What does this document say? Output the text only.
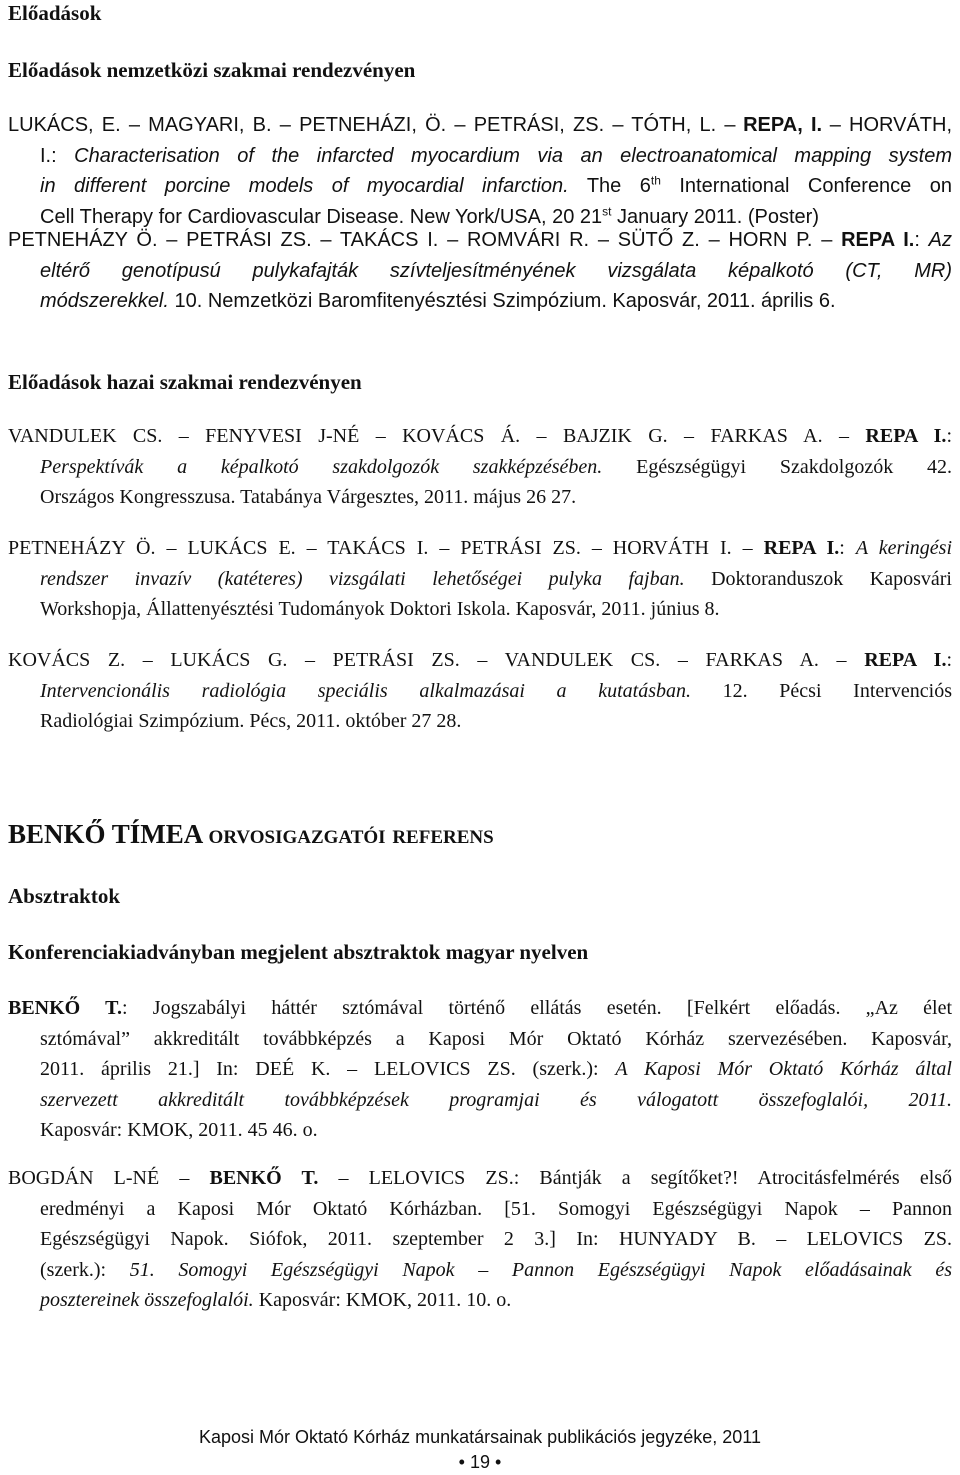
Előadások
Előadások nemzetközi szakmai rendezvényen
LUKÁCS, E. – MAGYARI, B. – PETNEHÁZI, Ö. – PETRÁSI, ZS. – TÓTH, L. – REPA, I. – HORVÁTH,
I.: Characterisation of the infarcted myocardium via an electroanatomical mapping system
in different porcine models of myocardial infarction. The 6th International Conference on
Cell Therapy for Cardiovascular Disease. New York/USA, 20 21st January 2011. (Poster)
PETNEHÁZY Ö. – PETRÁSI ZS. – TAKÁCS I. – ROMVÁRI R. – SÜTŐ Z. – HORN P. – REPA I.: Az
eltérő genotípusú pulykafajták szívteljesítményének vizsgálata képalkotó (CT, MR)
módszerekkel. 10. Nemzetközi Baromfitenyésztési Szimpózium. Kaposvár, 2011. április 6.
Előadások hazai szakmai rendezvényen
VANDULEK CS. – FENYVESI J-NÉ – KOVÁCS Á. – BAJZIK G. – FARKAS A. – REPA I.:
Perspektívák a képalkotó szakdolgozók szakképzésében. Egészségügyi Szakdolgozók 42.
Országos Kongresszusa. Tatabánya Várgesztes, 2011. május 26 27.
PETNEHÁZY Ö. – LUKÁCS E. – TAKÁCS I. – PETRÁSI ZS. – HORVÁTH I. – REPA I.: A keringési
rendszer invazív (katéteres) vizsgálati lehetőségei pulyka fajban. Doktoranduszok Kaposvári
Workshopja, Állattenyésztési Tudományok Doktori Iskola. Kaposvár, 2011. június 8.
KOVÁCS Z. – LUKÁCS G. – PETRÁSI ZS. – VANDULEK CS. – FARKAS A. – REPA I.:
Intervencionális radiológia speciális alkalmazásai a kutatásban. 12. Pécsi Intervenciós
Radiológiai Szimpózium. Pécs, 2011. október 27 28.
BENKŐ TÍMEA orvosigazgatói referens
Absztraktok
Konferenciakiadványban megjelent absztraktok magyar nyelven
BENKŐ T.: Jogszabályi háttér sztómával történő ellátás esetén. [Felkért előadás. „Az élet
sztómával” akkreditált továbbképzés a Kaposi Mór Oktató Kórház szervezésében. Kaposvár,
2011. április 21.] In: DEÉ K. – LELOVICS ZS. (szerk.): A Kaposi Mór Oktató Kórház által
szervezett akkreditált továbbképzések programjai és válogatott összefoglalói, 2011.
Kaposvár: KMOK, 2011. 45 46. o.
BOGDÁN L-NÉ – BENKŐ T. – LELOVICS ZS.: Bántják a segítőket?! Atrocitásfelmérés első
eredményi a Kaposi Mór Oktató Kórházban. [51. Somogyi Egészségügyi Napok – Pannon
Egészségügyi Napok. Siófok, 2011. szeptember 2 3.] In: HUNYADY B. – LELOVICS ZS.
(szerk.): 51. Somogyi Egészségügyi Napok – Pannon Egészségügyi Napok előadásainak és
posztereinek összefoglalói. Kaposvár: KMOK, 2011. 10. o.
Kaposi Mór Oktató Kórház munkatársainak publikációs jegyzéke, 2011
• 19 •
